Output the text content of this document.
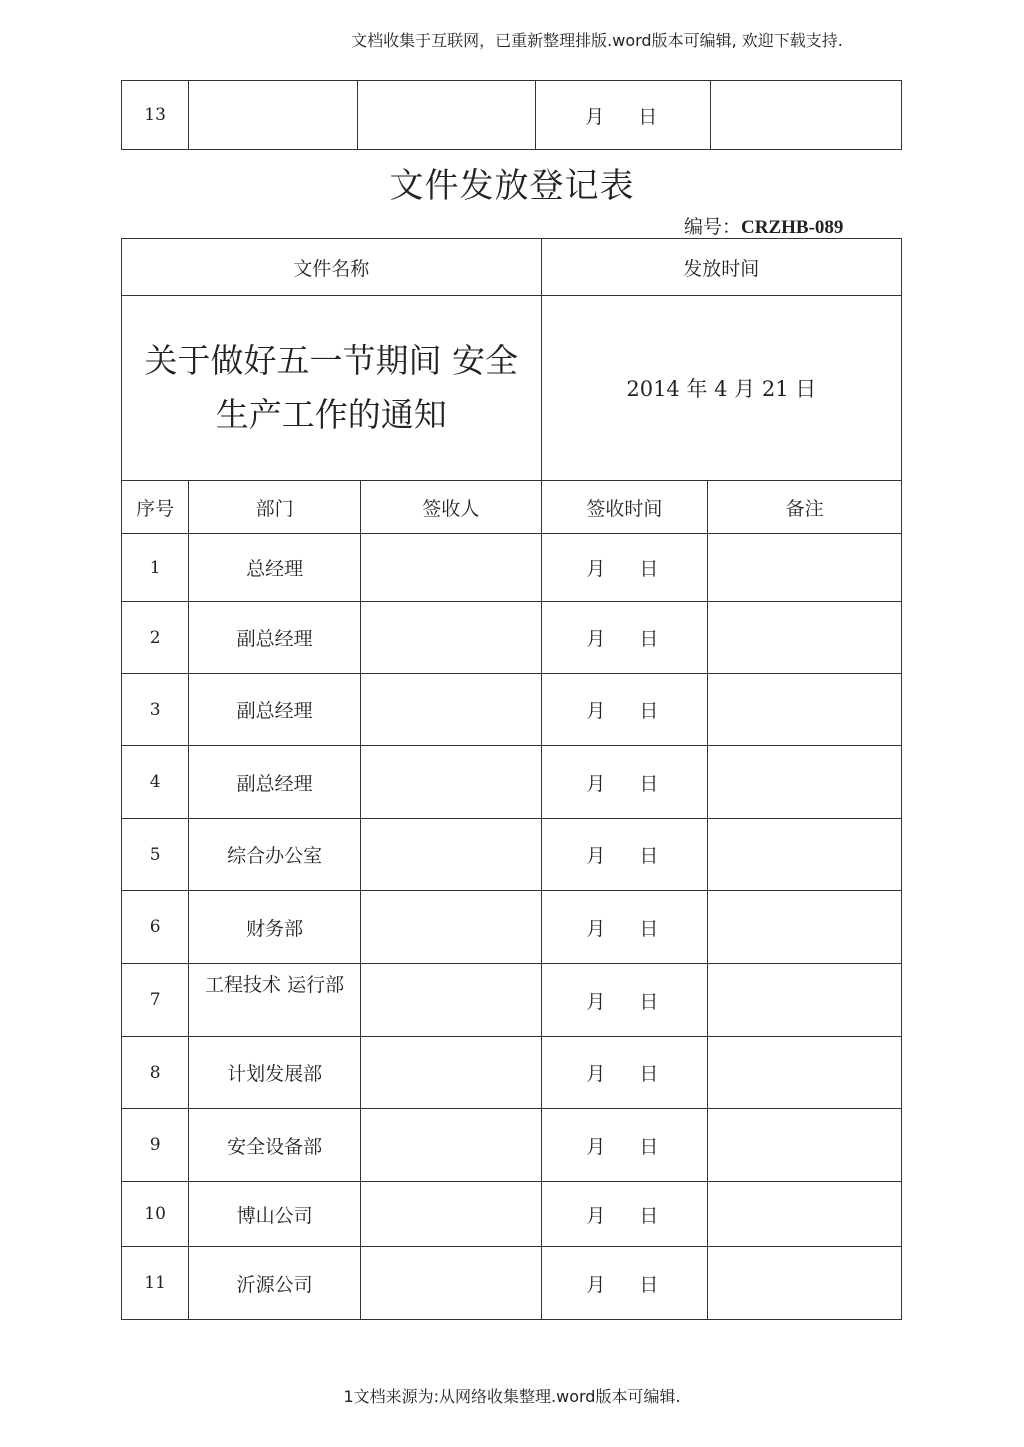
文档收集于互联网，已重新整理排版.word版本可编辑, 欢迎下载支持.
13			月 日	
文件发放登记表
编号：CRZHB-089
文件名称			发放时间	

关于做好五一节期间 安全
生产工作的通知			2014 年 4 月 21 日	
序号	部门	签收人	签收时间	备注
1	总经理		月 日	
2	副总经理		月 日	
3	副总经理		月 日	
4	副总经理		月 日	
5	综合办公室		月 日	
6	财务部		月 日	
7	工程技术 运行部		月 日	
8	计划发展部		月 日	
9	安全设备部		月 日	
10	博山公司		月 日	
11	沂源公司		月 日	
1文档来源为:从网络收集整理.word版本可编辑.
